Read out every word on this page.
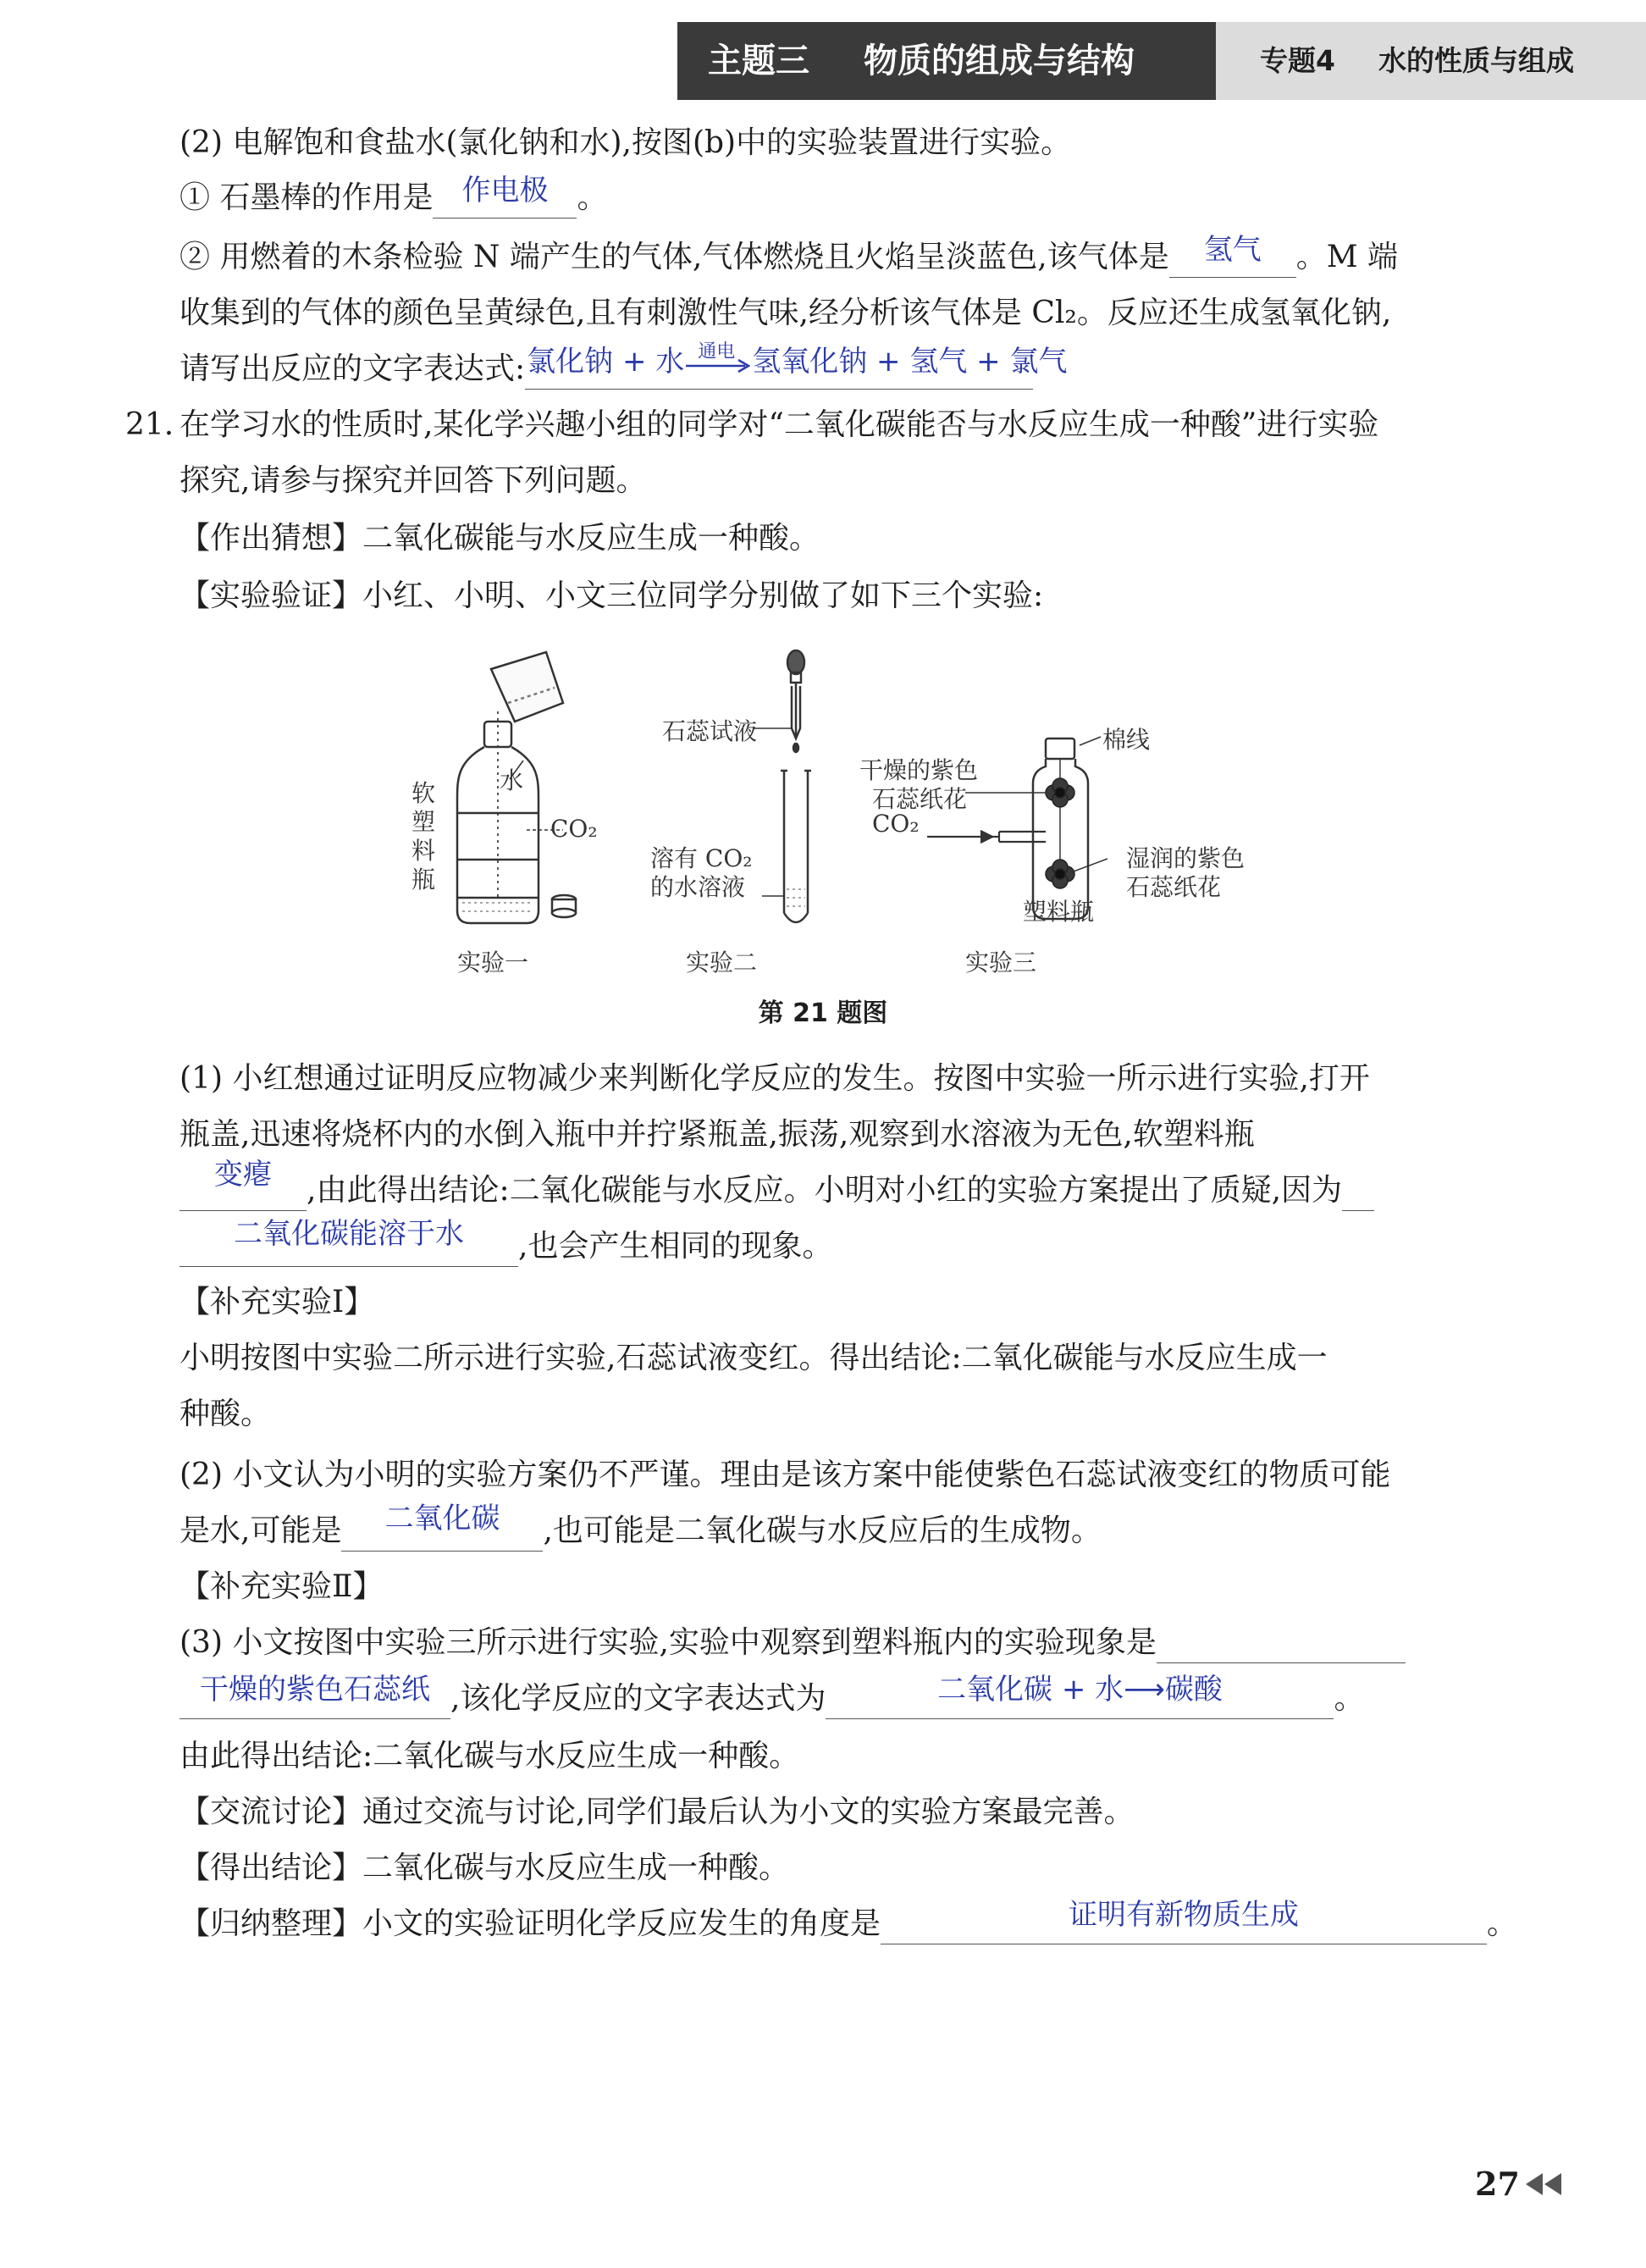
主题三 物质的组成与结构	专题4 水的性质与组成
(2) 电解饱和食盐水(氯化钠和水),按图(b)中的实验装置进行实验。
① 石墨棒的作用是	作电极 。
② 用燃着的木条检验 N 端产生的气体,气体燃烧且火焰呈淡蓝色,该气体是	氢气	。M 端
收集到的气体的颜色呈黄绿色,且有刺激性气味,经分析该气体是 Cl₂。反应还生成氢氧化钠,
请写出反应的文字表达式: 氯化钠 + 水 通电 氢氧化钠 + 氢气 + 氯气
21. 在学习水的性质时,某化学兴趣小组的同学对“二氧化碳能否与水反应生成一种酸”进行实验
探究,请参与探究并回答下列问题。
【作出猜想】二氧化碳能与水反应生成一种酸。
【实验验证】小红、小明、小文三位同学分别做了如下三个实验:
水
软
塑
料
瓶
CO₂
实验一
石蕊试液
溶有 CO₂
的水溶液
实验二
干燥的紫色
石蕊纸花
CO₂
棉线
湿润的紫色
石蕊纸花
塑料瓶
实验三
第 21 题图
(1) 小红想通过证明反应物减少来判断化学反应的发生。按图中实验一所示进行实验,打开
瓶盖,迅速将烧杯内的水倒入瓶中并拧紧瓶盖,振荡,观察到水溶液为无色,软塑料瓶
变瘪	,由此得出结论:二氧化碳能与水反应。小明对小红的实验方案提出了质疑,因为
二氧化碳能溶于水	,也会产生相同的现象。
【补充实验Ⅰ】
小明按图中实验二所示进行实验,石蕊试液变红。得出结论:二氧化碳能与水反应生成一
种酸。
(2) 小文认为小明的实验方案仍不严谨。理由是该方案中能使紫色石蕊试液变红的物质可能
是水,可能是	二氧化碳	,也可能是二氧化碳与水反应后的生成物。
【补充实验Ⅱ】
(3) 小文按图中实验三所示进行实验,实验中观察到塑料瓶内的实验现象是
干燥的紫色石蕊纸 ,该化学反应的文字表达式为	二氧化碳 + 水⟶碳酸	。
由此得出结论:二氧化碳与水反应生成一种酸。
【交流讨论】通过交流与讨论,同学们最后认为小文的实验方案最完善。
【得出结论】二氧化碳与水反应生成一种酸。
【归纳整理】小文的实验证明化学反应发生的角度是	证明有新物质生成	。
27
